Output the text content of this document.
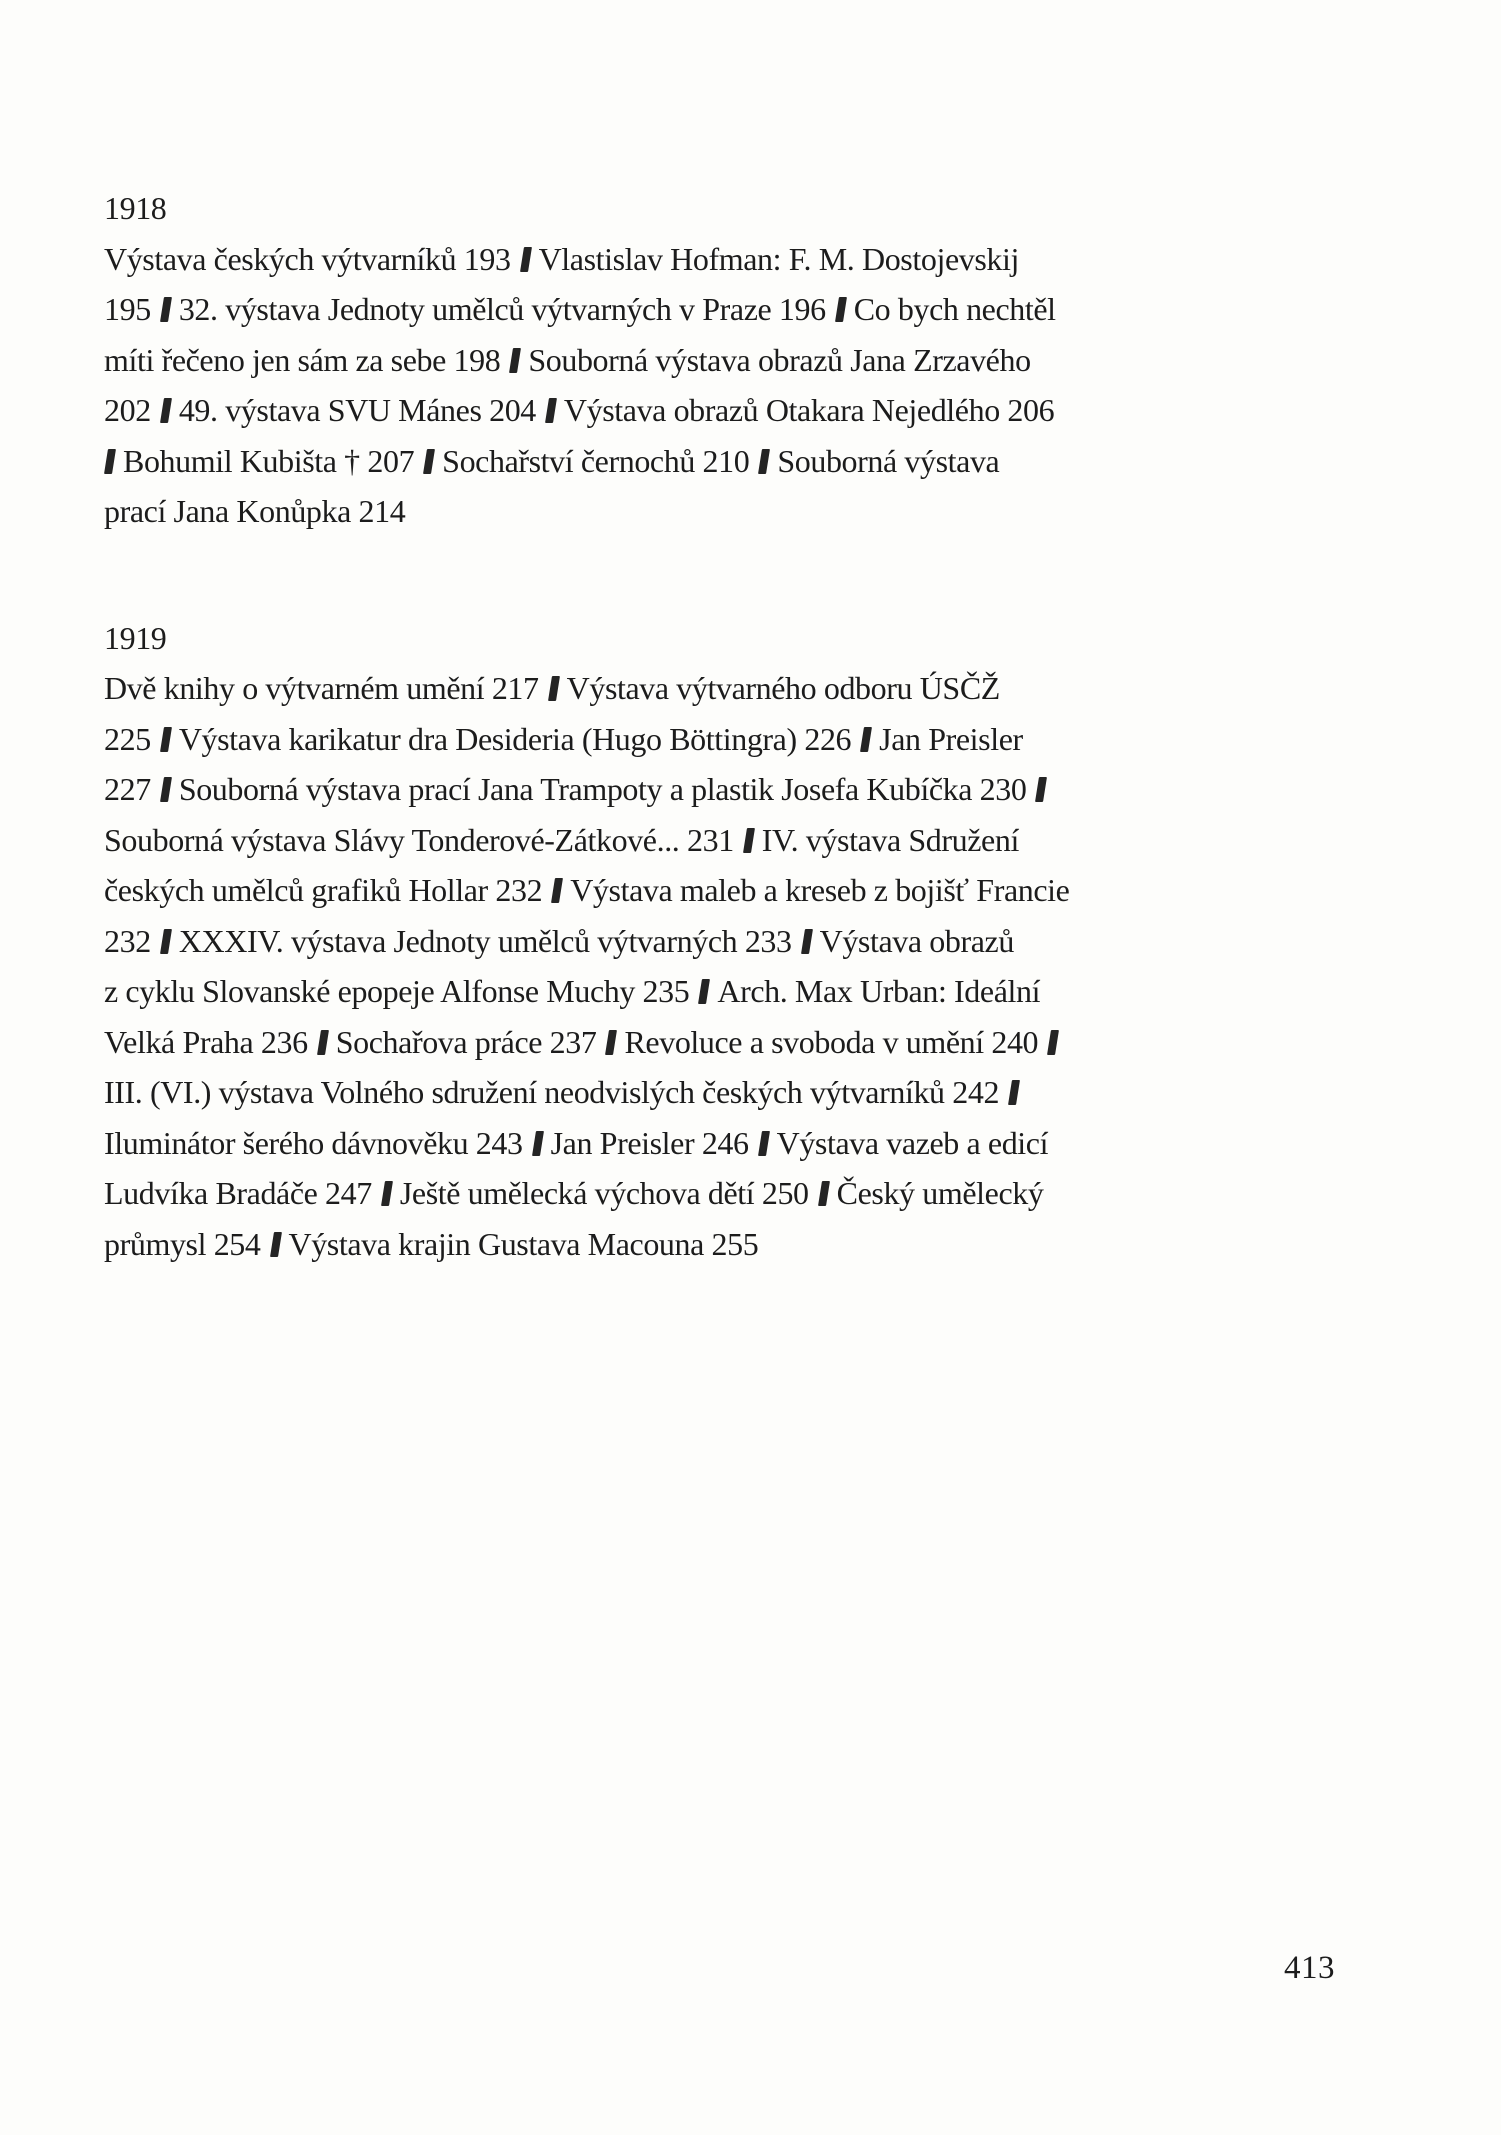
1918
Výstava českých výtvarníků 193 Vlastislav Hofman: F. M. Dostojevskij
195 32. výstava Jednoty umělců výtvarných v Praze 196 Co bych nechtěl
míti řečeno jen sám za sebe 198 Souborná výstava obrazů Jana Zrzavého
202 49. výstava SVU Mánes 204 Výstava obrazů Otakara Nejedlého 206
Bohumil Kubišta † 207 Sochařství černochů 210 Souborná výstava
prací Jana Konůpka 214
1919
Dvě knihy o výtvarném umění 217 Výstava výtvarného odboru ÚSČŽ
225 Výstava karikatur dra Desideria (Hugo Böttingra) 226 Jan Preisler
227 Souborná výstava prací Jana Trampoty a plastik Josefa Kubíčka 230
Souborná výstava Slávy Tonderové-Zátkové... 231 IV. výstava Sdružení
českých umělců grafiků Hollar 232 Výstava maleb a kreseb z bojišť Francie
232 XXXIV. výstava Jednoty umělců výtvarných 233 Výstava obrazů
z cyklu Slovanské epopeje Alfonse Muchy 235 Arch. Max Urban: Ideální
Velká Praha 236 Sochařova práce 237 Revoluce a svoboda v umění 240
III. (VI.) výstava Volného sdružení neodvislých českých výtvarníků 242
Iluminátor šerého dávnověku 243 Jan Preisler 246 Výstava vazeb a edicí
Ludvíka Bradáče 247 Ještě umělecká výchova dětí 250 Český umělecký
průmysl 254 Výstava krajin Gustava Macouna 255
413
